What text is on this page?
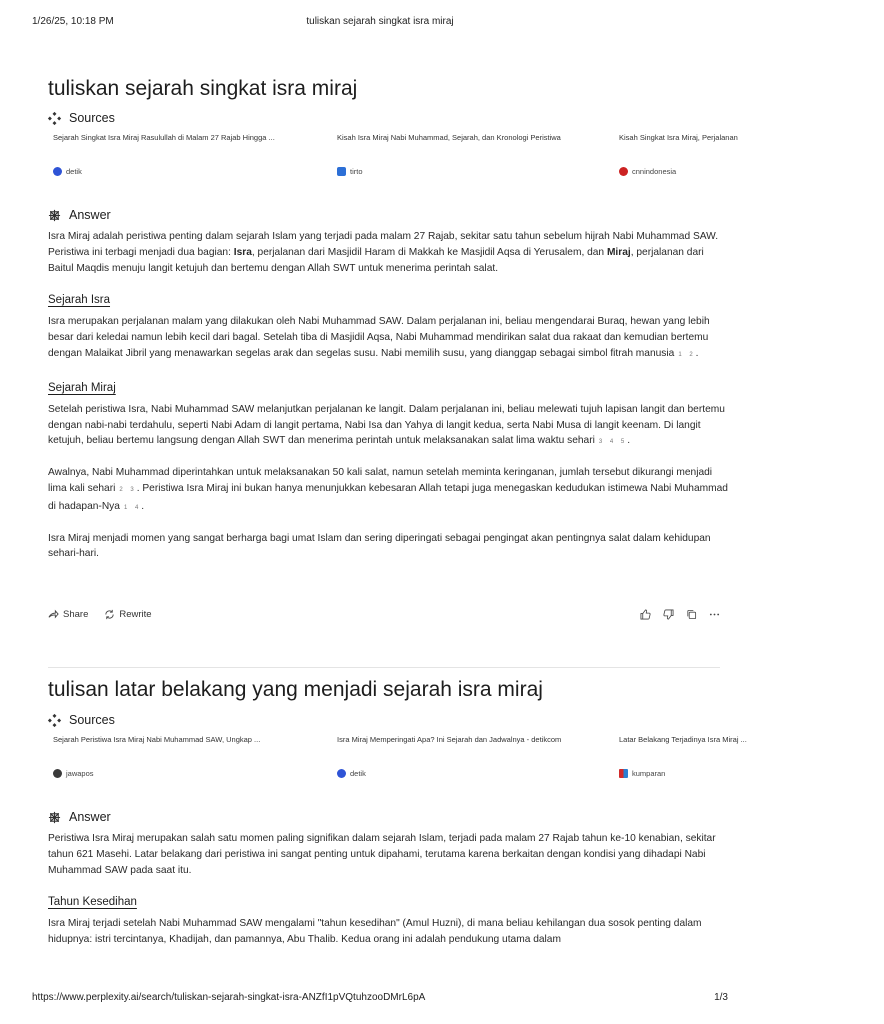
1/26/25, 10:18 PM	tuliskan sejarah singkat isra miraj
tuliskan sejarah singkat isra miraj
Sources
Sejarah Singkat Isra Miraj Rasulullah di Malam 27 Rajab Hingga ...
detik
Kisah Isra Miraj Nabi Muhammad, Sejarah, dan Kronologi Peristiwa
tirto
Kisah Singkat Isra Miraj, Perjalanan
cnnindonesia
Answer

Isra Miraj adalah peristiwa penting dalam sejarah Islam yang terjadi pada malam 27 Rajab, sekitar satu tahun sebelum hijrah Nabi Muhammad SAW. Peristiwa ini terbagi menjadi dua bagian: Isra, perjalanan dari Masjidil Haram di Makkah ke Masjidil Aqsa di Yerusalem, dan Miraj, perjalanan dari Baitul Maqdis menuju langit ketujuh dan bertemu dengan Allah SWT untuk menerima perintah salat.

Sejarah Isra

Isra merupakan perjalanan malam yang dilakukan oleh Nabi Muhammad SAW. Dalam perjalanan ini, beliau mengendarai Buraq, hewan yang lebih besar dari keledai namun lebih kecil dari bagal. Setelah tiba di Masjidil Aqsa, Nabi Muhammad mendirikan salat dua rakaat dan kemudian bertemu dengan Malaikat Jibril yang menawarkan segelas arak dan segelas susu. Nabi memilih susu, yang dianggap sebagai simbol fitrah manusia 1 2.

Sejarah Miraj

Setelah peristiwa Isra, Nabi Muhammad SAW melanjutkan perjalanan ke langit. Dalam perjalanan ini, beliau melewati tujuh lapisan langit dan bertemu dengan nabi-nabi terdahulu, seperti Nabi Adam di langit pertama, Nabi Isa dan Yahya di langit kedua, serta Nabi Musa di langit keenam. Di langit ketujuh, beliau bertemu langsung dengan Allah SWT dan menerima perintah untuk melaksanakan salat lima waktu sehari 3 4 5.

Awalnya, Nabi Muhammad diperintahkan untuk melaksanakan 50 kali salat, namun setelah meminta keringanan, jumlah tersebut dikurangi menjadi lima kali sehari 2 3. Peristiwa Isra Miraj ini bukan hanya menunjukkan kebesaran Allah tetapi juga menegaskan kedudukan istimewa Nabi Muhammad di hadapan-Nya 1 4.

Isra Miraj menjadi momen yang sangat berharga bagi umat Islam dan sering diperingati sebagai pengingat akan pentingnya salat dalam kehidupan sehari-hari.

Share	Rewrite
tulisan latar belakang yang menjadi sejarah isra miraj
Sources
Sejarah Peristiwa Isra Miraj Nabi Muhammad SAW, Ungkap ...
jawapos
Isra Miraj Memperingati Apa? Ini Sejarah dan Jadwalnya - detikcom
detik
Latar Belakang Terjadinya Isra Miraj ...
kumparan
Answer

Peristiwa Isra Miraj merupakan salah satu momen paling signifikan dalam sejarah Islam, terjadi pada malam 27 Rajab tahun ke-10 kenabian, sekitar tahun 621 Masehi. Latar belakang dari peristiwa ini sangat penting untuk dipahami, terutama karena berkaitan dengan kondisi yang dihadapi Nabi Muhammad SAW pada saat itu.

Tahun Kesedihan

Isra Miraj terjadi setelah Nabi Muhammad SAW mengalami "tahun kesedihan" (Amul Huzni), di mana beliau kehilangan dua sosok penting dalam hidupnya: istri tercintanya, Khadijah, dan pamannya, Abu Thalib. Kedua orang ini adalah pendukung utama dalam

https://www.perplexity.ai/search/tuliskan-sejarah-singkat-isra-ANZfI1pVQtuhzooDMrL6pA	1/3
